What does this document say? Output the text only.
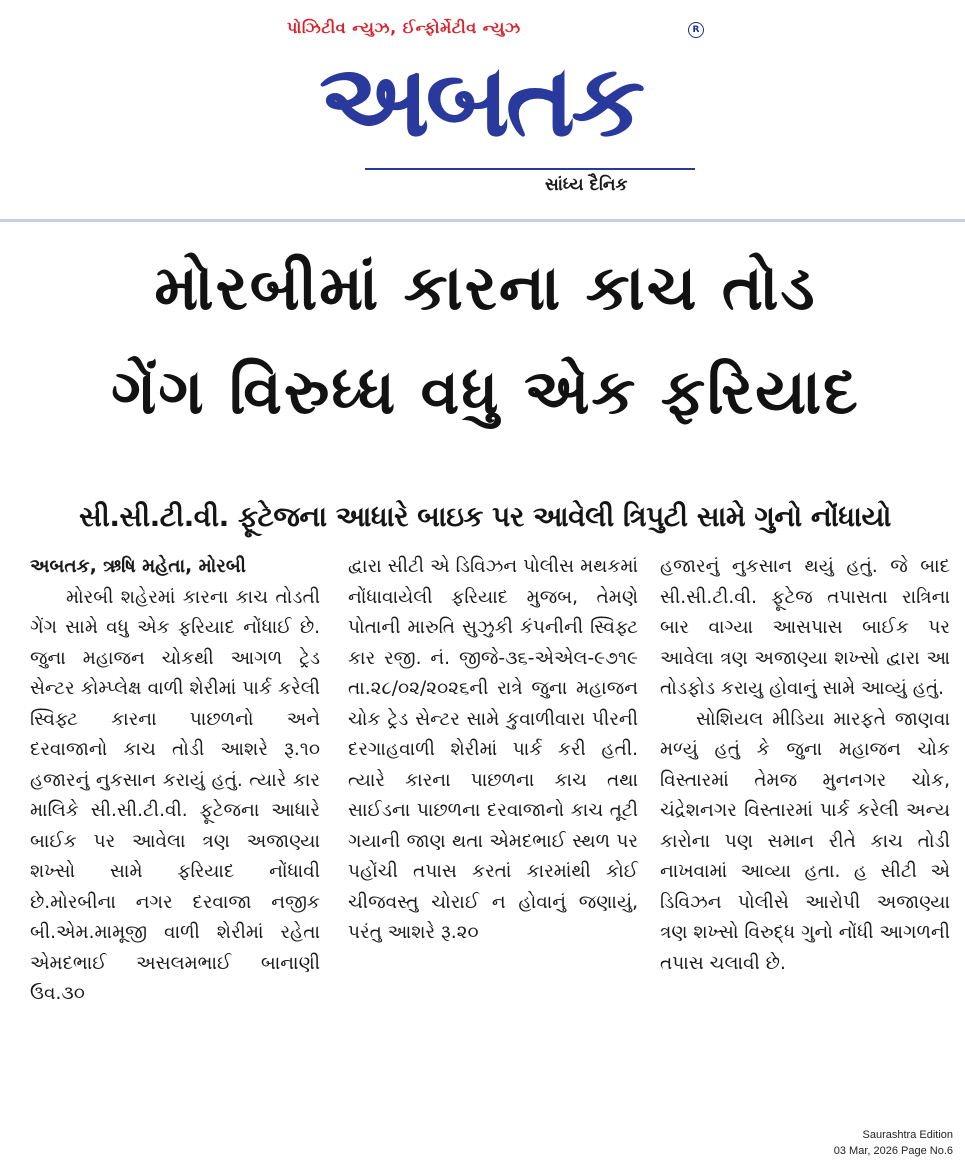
પોઝિટીવ ન્યુઝ, ઈન્ફોર્મેટીવ ન્યુઝ	R
અબતક
સાંધ્ય દૈનિક
મોરબીમાં કારના કાચ તોડ
ગેંગ વિરુધ્ધ વધુ એક ફરિયાદ
સી.સી.ટી.વી. ફૂટેજના આધારે બાઇક પર આવેલી ત્રિપુટી સામે ગુનો નોંધાયો

અબતક, ઋષિ મહેતા, મોરબી

મોરબી શહેરમાં કારના કાચ તોડતી ગેંગ સામે વધુ એક ફરિયાદ નોંધાઈ છે. જુના મહાજન ચોકથી આગળ ટ્રેડ સેન્ટર કોમ્પ્લેક્ષ વાળી શેરીમાં પાર્ક કરેલી સ્વિફ્ટ કારના પાછળનો અને દરવાજાનો કાચ તોડી આશરે રૂ.૧૦ હજારનું નુકસાન કરાયું હતું. ત્યારે કાર માલિકે સી.સી.ટી.વી. ફૂટેજના આધારે બાઈક પર આવેલા ત્રણ અજાણ્યા શખ્સો સામે ફરિયાદ નોંધાવી છે.મોરબીના નગર દરવાજા નજીક બી.એમ.મામૂજી વાળી શેરીમાં રહેતા એમદભાઈ અસલમભાઈ બાનાણી ઉવ.૩૦

દ્વારા સીટી એ ડિવિઝન પોલીસ મથકમાં નોંધાવાયેલી ફરિયાદ મુજબ, તેમણે પોતાની મારુતિ સુઝુકી કંપનીની સ્વિફ્ટ કાર રજી. નં. જીજે-૩૬-એએલ-૯૭૧૯ તા.૨૮/૦૨/૨૦૨૬ની રાત્રે જુના મહાજન ચોક ટ્રેડ સેન્ટર સામે કુવાળીવારા પીરની દરગાહવાળી શેરીમાં પાર્ક કરી હતી. ત્યારે કારના પાછળના કાચ તથા સાઈડના પાછળના દરવાજાનો કાચ તૂટી ગયાની જાણ થતા એમદભાઈ સ્થળ પર પહોંચી તપાસ કરતાં કારમાંથી કોઈ ચીજવસ્તુ ચોરાઈ ન હોવાનું જણાયું, પરંતુ આશરે રૂ.૨૦

હજારનું નુકસાન થયું હતું. જે બાદ સી.સી.ટી.વી. ફૂટેજ તપાસતા રાત્રિના બાર વાગ્યા આસપાસ બાઈક પર આવેલા ત્રણ અજાણ્યા શખ્સો દ્વારા આ તોડફોડ કરાયુ હોવાનું સામે આવ્યું હતું.

સોશિયલ મીડિયા મારફતે જાણવા મળ્યું હતું કે જુના મહાજન ચોક વિસ્તારમાં તેમજ મુનનગર ચોક, ચંદ્રેશનગર વિસ્તારમાં પાર્ક કરેલી અન્ય કારોના પણ સમાન રીતે કાચ તોડી નાખવામાં આવ્યા હતા. હ સીટી એ ડિવિઝન પોલીસે આરોપી અજાણ્યા ત્રણ શખ્સો વિરુદ્ધ ગુનો નોંધી આગળની તપાસ ચલાવી છે.

Saurashtra Edition
03 Mar, 2026 Page No.6
